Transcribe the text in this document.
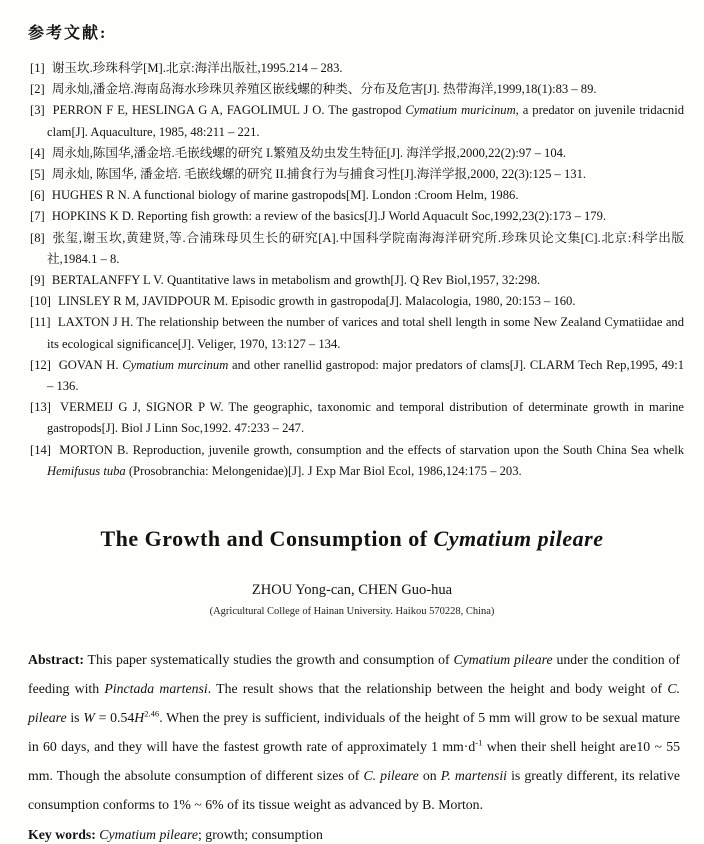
参考文献:
[1] 谢玉坎.珍珠科学[M].北京:海洋出版社,1995.214 – 283.
[2] 周永灿,潘金培.海南岛海水珍珠贝养殖区嵌线螺的种类、分布及危害[J]. 热带海洋,1999,18(1):83 – 89.
[3] PERRON F E, HESLINGA G A, FAGOLIMUL J O. The gastropod Cymatium muricinum, a predator on juvenile tridacnid clam[J]. Aquaculture, 1985, 48:211 – 221.
[4] 周永灿,陈国华,潘金培.毛嵌线螺的研究 I.繁殖及幼虫发生特征[J]. 海洋学报,2000,22(2):97 – 104.
[5] 周永灿, 陈国华, 潘金培. 毛嵌线螺的研究 II.捕食行为与捕食习性[J].海洋学报,2000, 22(3):125 – 131.
[6] HUGHES R N. A functional biology of marine gastropods[M]. London :Croom Helm, 1986.
[7] HOPKINS K D. Reporting fish growth: a review of the basics[J].J World Aquacult Soc,1992,23(2):173 – 179.
[8] 张玺,谢玉坎,黄建贤,等.合浦珠母贝生长的研究[A].中国科学院南海海洋研究所.珍珠贝论文集[C].北京:科学出版社,1984.1 – 8.
[9] BERTALANFFY L V. Quantitative laws in metabolism and growth[J]. Q Rev Biol,1957, 32:298.
[10] LINSLEY R M, JAVIDPOUR M. Episodic growth in gastropoda[J]. Malacologia, 1980, 20:153 – 160.
[11] LAXTON J H. The relationship between the number of varices and total shell length in some New Zealand Cymatiidae and its ecological significance[J]. Veliger, 1970, 13:127 – 134.
[12] GOVAN H. Cymatium murcinum and other ranellid gastropod: major predators of clams[J]. CLARM Tech Rep,1995, 49:1 – 136.
[13] VERMEIJ G J, SIGNOR P W. The geographic, taxonomic and temporal distribution of determinate growth in marine gastropods[J]. Biol J Linn Soc,1992. 47:233 – 247.
[14] MORTON B. Reproduction, juvenile growth, consumption and the effects of starvation upon the South China Sea whelk Hemifusus tuba (Prosobranchia: Melongenidae)[J]. J Exp Mar Biol Ecol, 1986,124:175 – 203.
The Growth and Consumption of Cymatium pileare
ZHOU Yong-can, CHEN Guo-hua
(Agricultural College of Hainan University. Haikou 570228, China)
Abstract: This paper systematically studies the growth and consumption of Cymatium pileare under the condition of feeding with Pinctada martensi. The result shows that the relationship between the height and body weight of C. pileare is $W = 0.54H^{2.46}$. When the prey is sufficient, individuals of the height of 5 mm will grow to be sexual mature in 60 days, and they will have the fastest growth rate of approximately 1 $mm\cdot d^{-1}$ when their shell height are10 ~ 55 mm. Though the absolute consumption of different sizes of C. pileare on P. martensii is greatly different, its relative consumption conforms to 1% ~ 6% of its tissue weight as advanced by B. Morton.
Key words: Cymatium pileare; growth; consumption
